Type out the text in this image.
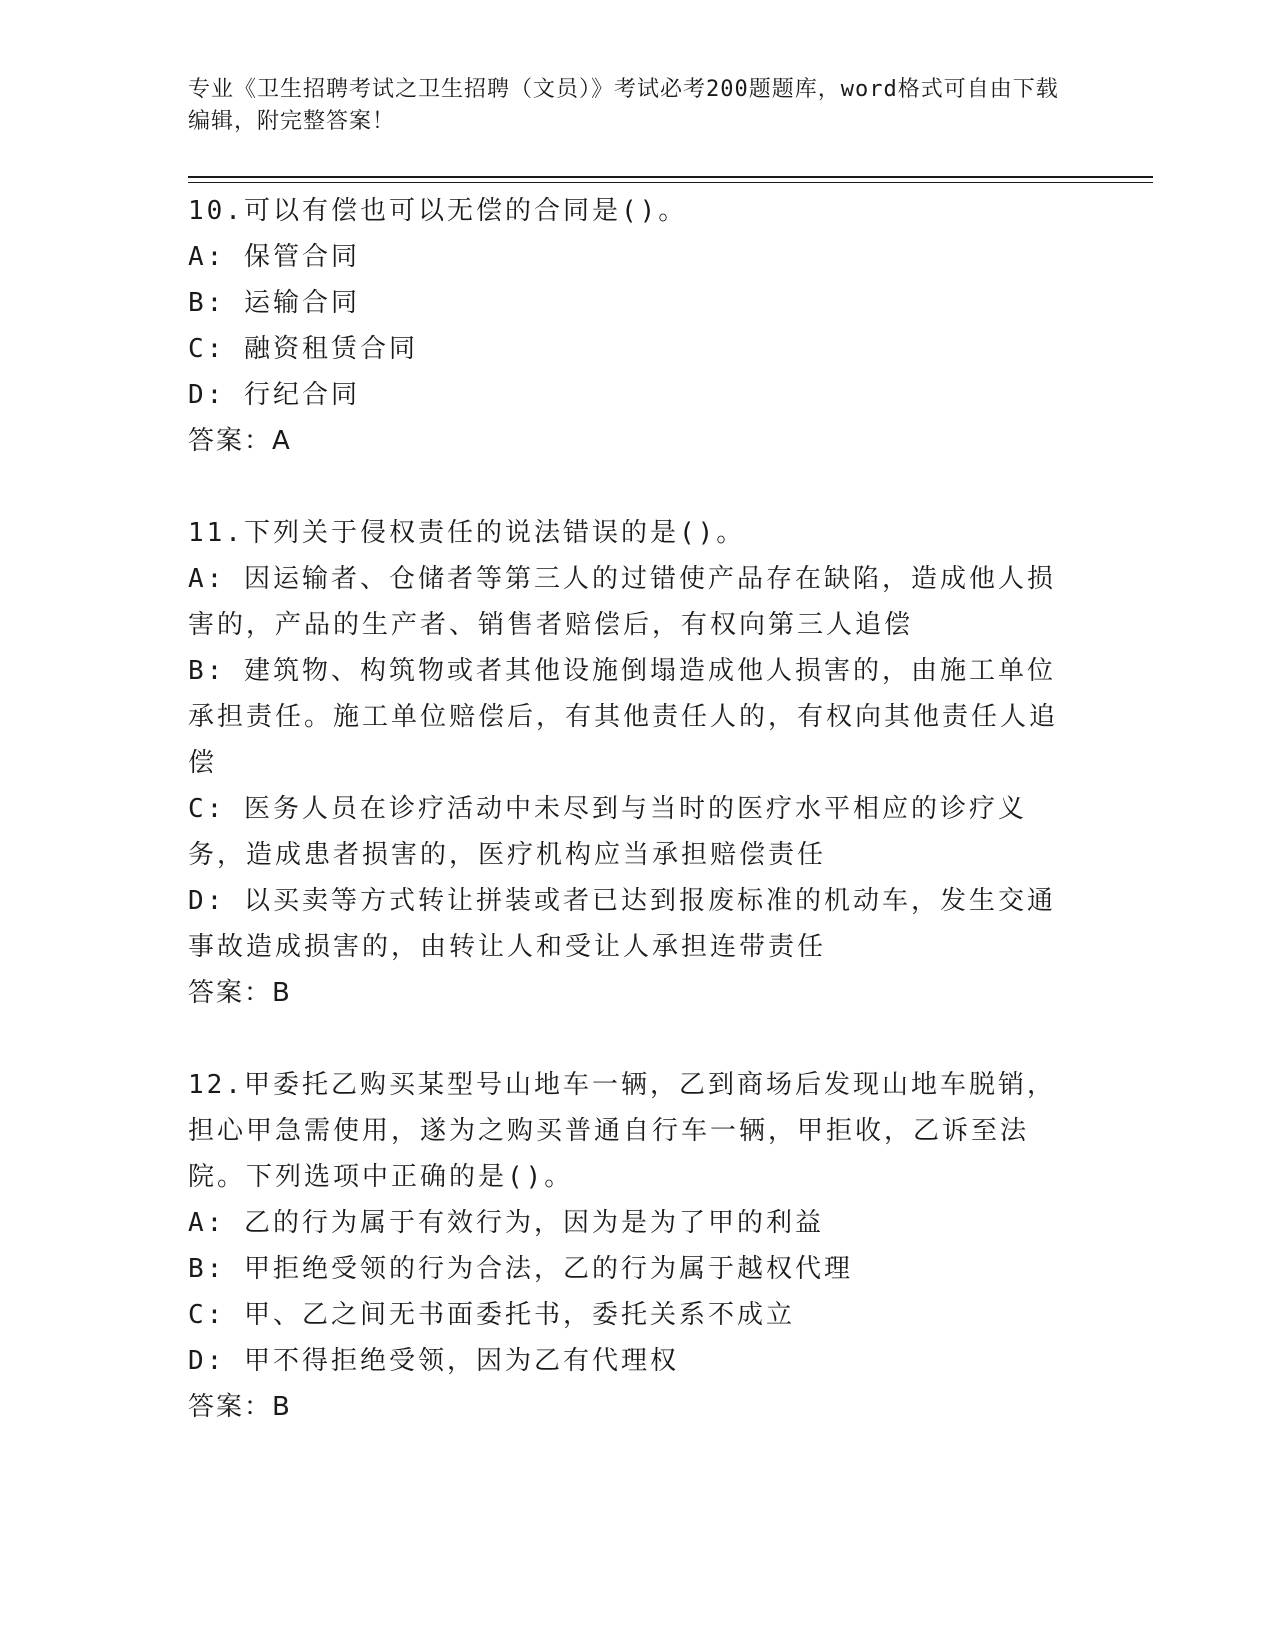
专业《卫生招聘考试之卫生招聘（文员）》考试必考200题题库，word格式可自由下载编辑，附完整答案！
10.可以有偿也可以无偿的合同是()。
A: 保管合同
B: 运输合同
C: 融资租赁合同
D: 行纪合同
答案：A
11.下列关于侵权责任的说法错误的是()。
A: 因运输者、仓储者等第三人的过错使产品存在缺陷，造成他人损害的，产品的生产者、销售者赔偿后，有权向第三人追偿
B: 建筑物、构筑物或者其他设施倒塌造成他人损害的，由施工单位承担责任。施工单位赔偿后，有其他责任人的，有权向其他责任人追偿
C: 医务人员在诊疗活动中未尽到与当时的医疗水平相应的诊疗义务，造成患者损害的，医疗机构应当承担赔偿责任
D: 以买卖等方式转让拼装或者已达到报废标准的机动车，发生交通事故造成损害的，由转让人和受让人承担连带责任
答案：B
12.甲委托乙购买某型号山地车一辆，乙到商场后发现山地车脱销，担心甲急需使用，遂为之购买普通自行车一辆，甲拒收，乙诉至法院。下列选项中正确的是()。
A: 乙的行为属于有效行为，因为是为了甲的利益
B: 甲拒绝受领的行为合法，乙的行为属于越权代理
C: 甲、乙之间无书面委托书，委托关系不成立
D: 甲不得拒绝受领，因为乙有代理权
答案：B
